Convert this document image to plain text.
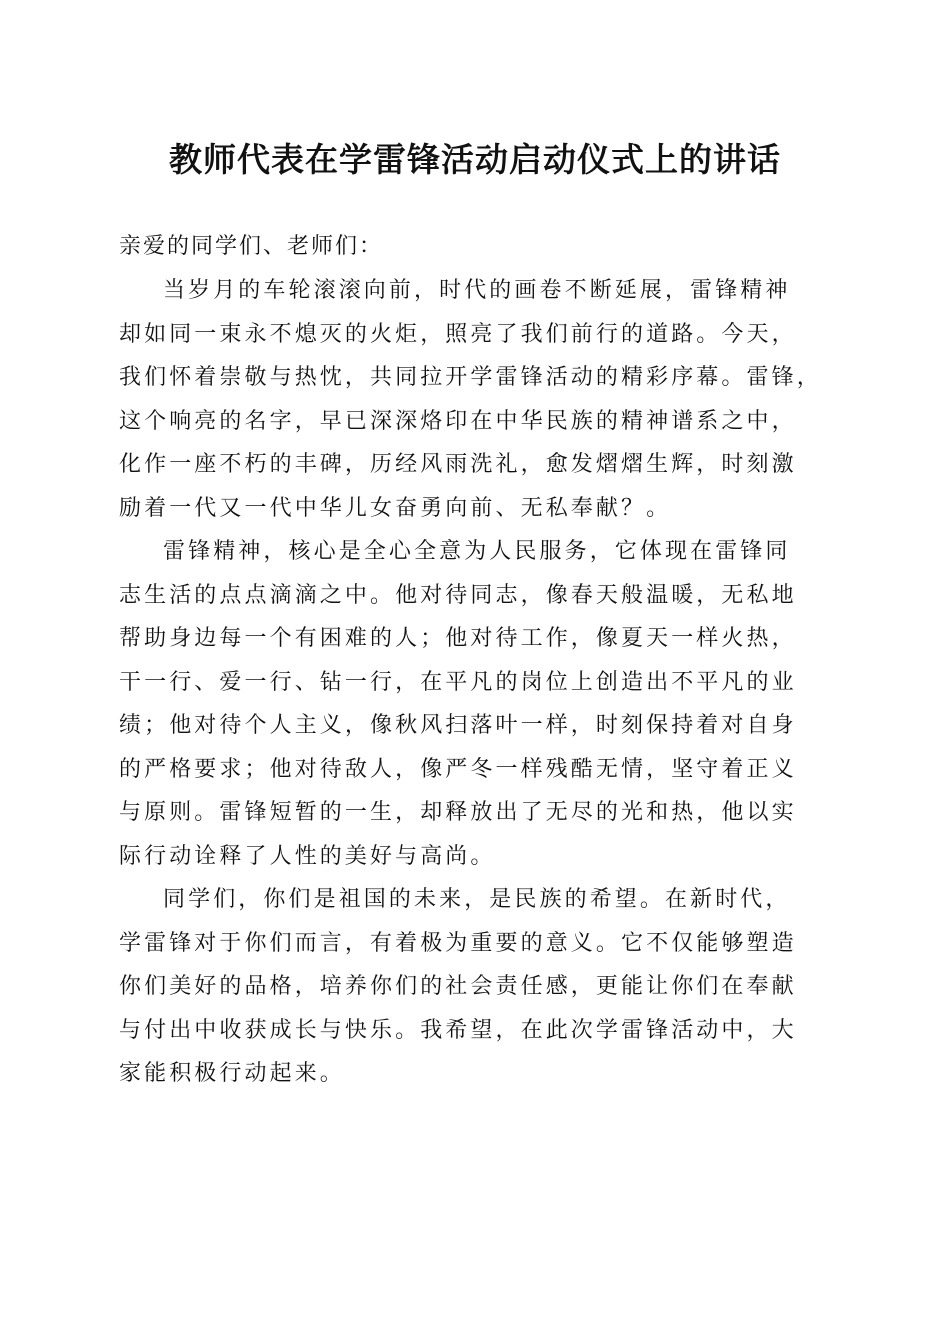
教师代表在学雷锋活动启动仪式上的讲话

亲爱的同学们、老师们：

当岁月的车轮滚滚向前，时代的画卷不断延展，雷锋精神
却如同一束永不熄灭的火炬，照亮了我们前行的道路。今天，
我们怀着崇敬与热忱，共同拉开学雷锋活动的精彩序幕。雷锋，
这个响亮的名字，早已深深烙印在中华民族的精神谱系之中，
化作一座不朽的丰碑，历经风雨洗礼，愈发熠熠生辉，时刻激
励着一代又一代中华儿女奋勇向前、无私奉献？。

雷锋精神，核心是全心全意为人民服务，它体现在雷锋同
志生活的点点滴滴之中。他对待同志，像春天般温暖，无私地
帮助身边每一个有困难的人；他对待工作，像夏天一样火热，
干一行、爱一行、钻一行，在平凡的岗位上创造出不平凡的业
绩；他对待个人主义，像秋风扫落叶一样，时刻保持着对自身
的严格要求；他对待敌人，像严冬一样残酷无情，坚守着正义
与原则。雷锋短暂的一生，却释放出了无尽的光和热，他以实
际行动诠释了人性的美好与高尚。

同学们，你们是祖国的未来，是民族的希望。在新时代，
学雷锋对于你们而言，有着极为重要的意义。它不仅能够塑造
你们美好的品格，培养你们的社会责任感，更能让你们在奉献
与付出中收获成长与快乐。我希望，在此次学雷锋活动中，大
家能积极行动起来。
